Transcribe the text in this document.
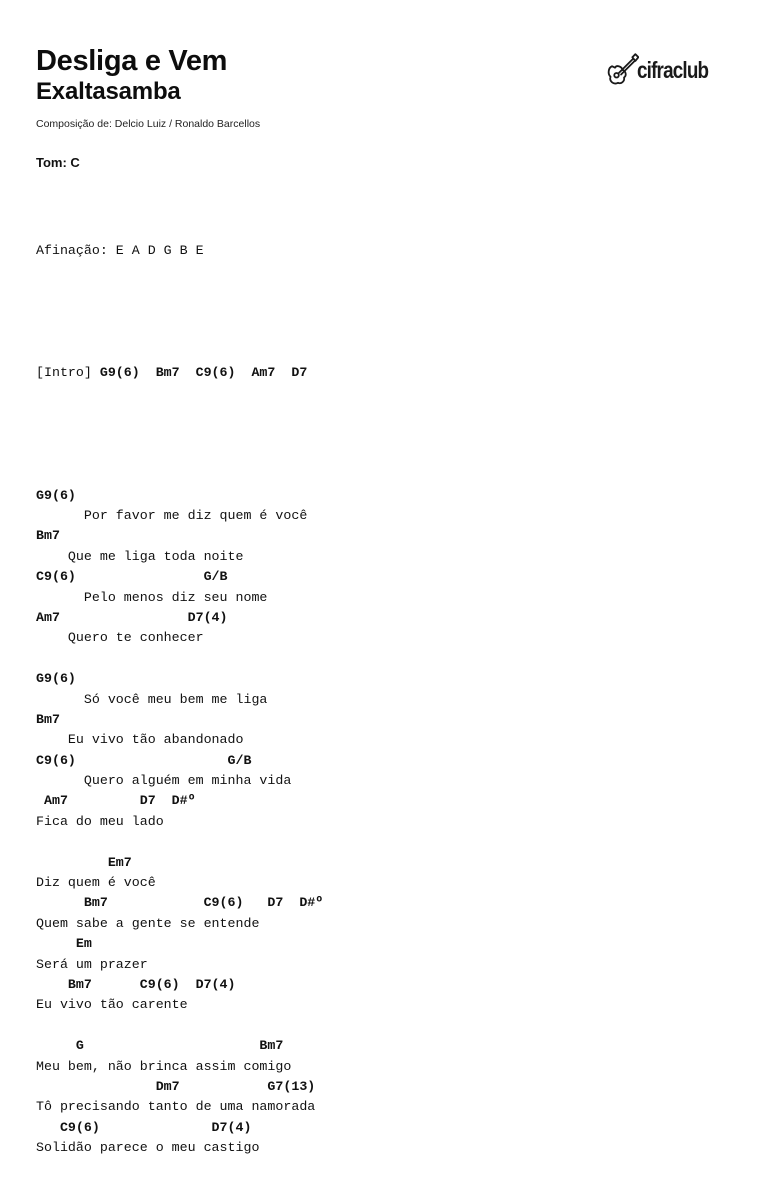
Desliga e Vem
Exaltasamba
Composição de: Delcio Luiz / Ronaldo Barcellos
Tom: C
cifraclub

Afinação: E A D G B E

[Intro] G9(6)  Bm7  C9(6)  Am7  D7

G9(6)
Por favor me diz quem é você
Bm7
Que me liga toda noite
C9(6)                G/B
Pelo menos diz seu nome
Am7                D7(4)
Quero te conhecer
G9(6)
Só você meu bem me liga
Bm7
Eu vivo tão abandonado
C9(6)                   G/B
Quero alguém em minha vida
Am7         D7  D#º
Fica do meu lado
Em7
Diz quem é você
Bm7            C9(6)   D7  D#º
Quem sabe a gente se entende
Em
Será um prazer
Bm7      C9(6)  D7(4)
Eu vivo tão carente
G                      Bm7
Meu bem, não brinca assim comigo
Dm7           G7(13)
Tô precisando tanto de uma namorada
C9(6)              D7(4)
Solidão parece o meu castigo
